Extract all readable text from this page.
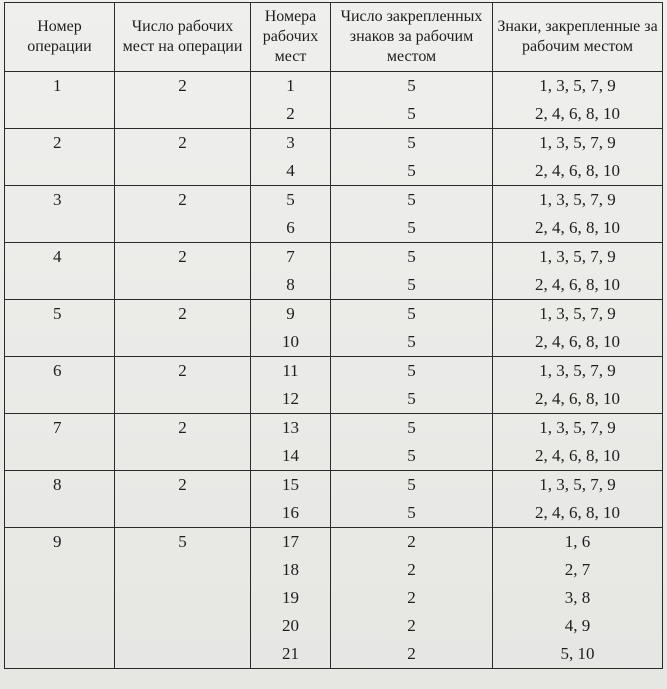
Номер операции	Число рабочих мест на операции	Номера рабочих мест	Число закрепленных знаков за рабочим местом	Знаки, закрепленные за рабочим местом
1	2	1	5	1, 3, 5, 7, 9
		2	5	2, 4, 6, 8, 10
2	2	3	5	1, 3, 5, 7, 9
		4	5	2, 4, 6, 8, 10
3	2	5	5	1, 3, 5, 7, 9
		6	5	2, 4, 6, 8, 10
4	2	7	5	1, 3, 5, 7, 9
		8	5	2, 4, 6, 8, 10
5	2	9	5	1, 3, 5, 7, 9
		10	5	2, 4, 6, 8, 10
6	2	11	5	1, 3, 5, 7, 9
		12	5	2, 4, 6, 8, 10
7	2	13	5	1, 3, 5, 7, 9
		14	5	2, 4, 6, 8, 10
8	2	15	5	1, 3, 5, 7, 9
		16	5	2, 4, 6, 8, 10
9	5	17	2	1, 6
		18	2	2, 7
		19	2	3, 8
		20	2	4, 9
		21	2	5, 10
